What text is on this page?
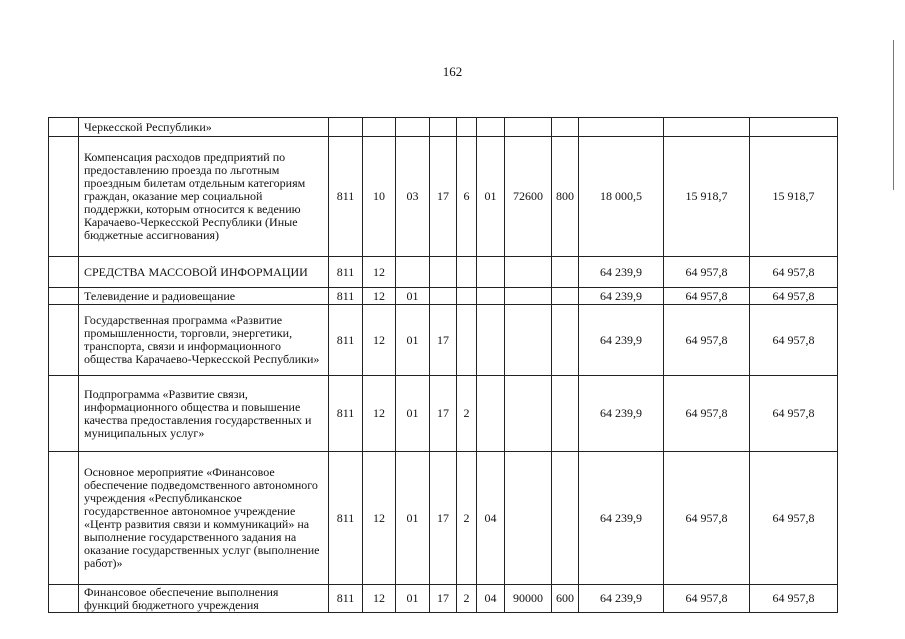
162
	Черкесской Республики»											
	Компенсация расходов предприятий по предоставлению проезда по льготным проездным билетам отдельным категориям граждан, оказание мер социальной поддержки, которым относится к ведению Карачаево-Черкесской Республики (Иные бюджетные ассигнования)	811	10	03	17	6	01	72600	800	18 000,5	15 918,7	15 918,7
	СРЕДСТВА МАССОВОЙ ИНФОРМАЦИИ	811	12							64 239,9	64 957,8	64 957,8
	Телевидение и радиовещание	811	12	01						64 239,9	64 957,8	64 957,8
	Государственная программа «Развитие промышленности, торговли, энергетики, транспорта, связи и информационного общества Карачаево-Черкесской Республики»	811	12	01	17					64 239,9	64 957,8	64 957,8
	Подпрограмма «Развитие связи, информационного общества и повышение качества предоставления государственных и муниципальных услуг»	811	12	01	17	2				64 239,9	64 957,8	64 957,8
	Основное мероприятие «Финансовое обеспечение подведомственного автономного учреждения «Республиканское государственное автономное учреждение «Центр развития связи и коммуникаций» на выполнение государственного задания на оказание государственных услуг (выполнение работ)»	811	12	01	17	2	04			64 239,9	64 957,8	64 957,8
	Финансовое обеспечение выполнения функций бюджетного учреждения	811	12	01	17	2	04	90000	600	64 239,9	64 957,8	64 957,8
